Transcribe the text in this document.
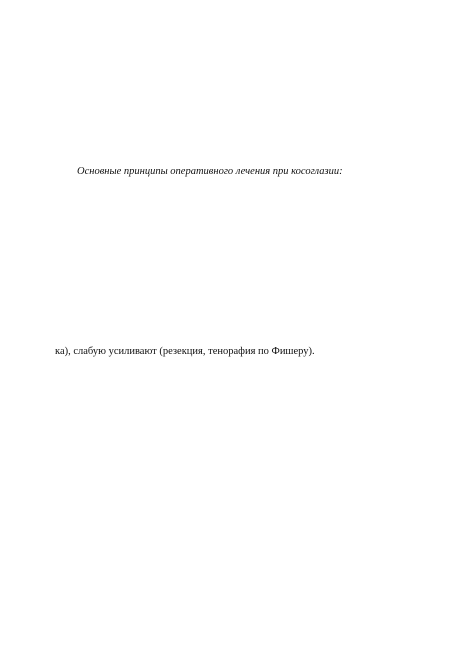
Основные принципы оперативного лечения при косоглазии:
ка), слабую усиливают (резекция, тенорафия по Фишеру).
